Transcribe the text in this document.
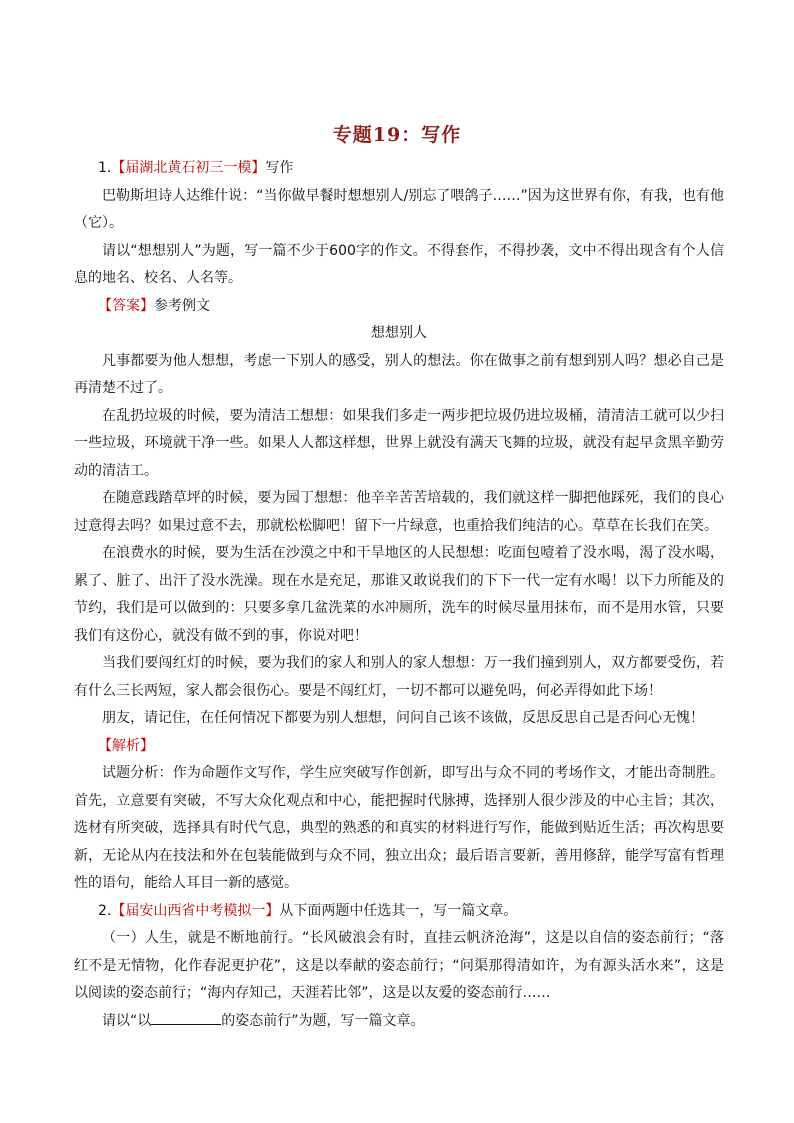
专题19：写作

1.【届湖北黄石初三一模】写作

巴勒斯坦诗人达维什说：“当你做早餐时想想别人/别忘了喂鸽子……”因为这世界有你，有我，也有他（它）。

请以“想想别人”为题，写一篇不少于600字的作文。不得套作，不得抄袭，文中不得出现含有个人信息的地名、校名、人名等。

【答案】参考例文

想想别人

凡事都要为他人想想，考虑一下别人的感受，别人的想法。你在做事之前有想到别人吗？想必自己是再清楚不过了。

在乱扔垃圾的时候，要为清洁工想想：如果我们多走一两步把垃圾仍进垃圾桶，清清洁工就可以少扫一些垃圾，环境就干净一些。如果人人都这样想，世界上就没有满天飞舞的垃圾，就没有起早贪黑辛勤劳动的清洁工。

在随意践踏草坪的时候，要为园丁想想：他辛辛苦苦培载的，我们就这样一脚把他踩死，我们的良心过意得去吗？如果过意不去，那就松松脚吧！留下一片绿意，也重拾我们纯洁的心。草草在长我们在笑。

在浪费水的时候，要为生活在沙漠之中和干旱地区的人民想想：吃面包噎着了没水喝，渴了没水喝，累了、脏了、出汗了没水洗澡。现在水是充足，那谁又敢说我们的下下一代一定有水喝！以下力所能及的节约，我们是可以做到的：只要多拿几盆洗菜的水冲厕所，洗车的时候尽量用抹布，而不是用水管，只要我们有这份心，就没有做不到的事，你说对吧！

当我们要闯红灯的时候，要为我们的家人和别人的家人想想：万一我们撞到别人，双方都要受伤，若有什么三长两短，家人都会很伤心。要是不闯红灯，一切不都可以避免吗，何必弄得如此下场！

朋友，请记住，在任何情况下都要为别人想想，问问自己该不该做，反思反思自己是否问心无愧！

【解析】

试题分析：作为命题作文写作，学生应突破写作创新，即写出与众不同的考场作文，才能出奇制胜。首先，立意要有突破，不写大众化观点和中心，能把握时代脉搏，选择别人很少涉及的中心主旨；其次，选材有所突破，选择具有时代气息，典型的熟悉的和真实的材料进行写作，能做到贴近生活；再次构思要新，无论从内在技法和外在包装能做到与众不同，独立出众；最后语言要新，善用修辞，能学写富有哲理性的语句，能给人耳目一新的感觉。

2.【届安山西省中考模拟一】从下面两题中任选其一，写一篇文章。

（一）人生，就是不断地前行。“长风破浪会有时，直挂云帆济沧海”，这是以自信的姿态前行；“落红不是无情物，化作春泥更护花”，这是以奉献的姿态前行；“问渠那得清如许，为有源头活水来”，这是以阅读的姿态前行；“海内存知己，天涯若比邻”，这是以友爱的姿态前行……

请以“以	的姿态前行”为题，写一篇文章。
